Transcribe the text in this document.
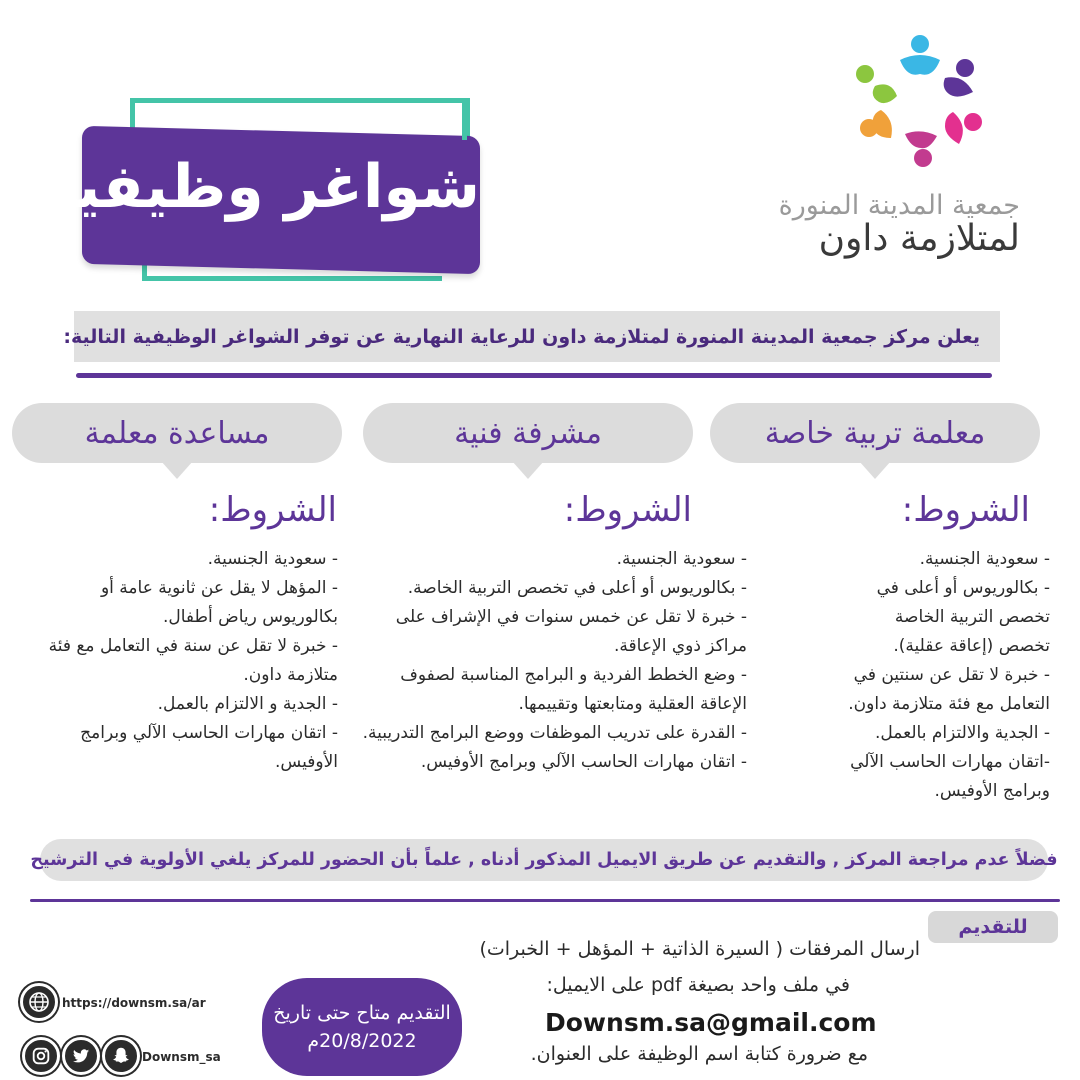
جمعية المدينة المنورة
لمتلازمة داون
شواغر وظيفية
يعلن مركز جمعية المدينة المنورة لمتلازمة داون للرعاية النهارية عن توفر الشواغر الوظيفية التالية:
معلمة تربية خاصة
مشرفة فنية
مساعدة معلمة
الشروط:
- سعودية الجنسية.
- بكالوريوس أو أعلى في تخصص التربية الخاصة تخصص (إعاقة عقلية).
- خبرة لا تقل عن سنتين في التعامل مع فئة متلازمة داون.
- الجدية والالتزام بالعمل.
-اتقان مهارات الحاسب الآلي وبرامج الأوفيس.
الشروط:
- سعودية الجنسية.
- بكالوريوس أو أعلى في تخصص التربية الخاصة.
- خبرة لا تقل عن خمس سنوات في الإشراف على مراكز ذوي الإعاقة.
- وضع الخطط الفردية و البرامج المناسبة لصفوف الإعاقة العقلية ومتابعتها وتقييمها.
- القدرة على تدريب الموظفات ووضع البرامج التدريبية.
- اتقان مهارات الحاسب الآلي وبرامج الأوفيس.
الشروط:
- سعودية الجنسية.
- المؤهل لا يقل عن ثانوية عامة أو بكالوريوس رياض أطفال.
- خبرة لا تقل عن سنة في التعامل مع فئة متلازمة داون.
- الجدية و الالتزام بالعمل.
- اتقان مهارات الحاسب الآلي وبرامج الأوفيس.
فضلاً عدم مراجعة المركز , والتقديم عن طريق الايميل المذكور أدناه , علماً بأن الحضور للمركز يلغي الأولوية في الترشيح
للتقديم
ارسال المرفقات ( السيرة الذاتية + المؤهل + الخبرات)
في ملف واحد بصيغة pdf على الايميل:
Downsm.sa@gmail.com
مع ضرورة كتابة اسم الوظيفة على العنوان.
التقديم متاح حتى تاريخ
20/8/2022م
https://downsm.sa/ar
Downsm_sa
